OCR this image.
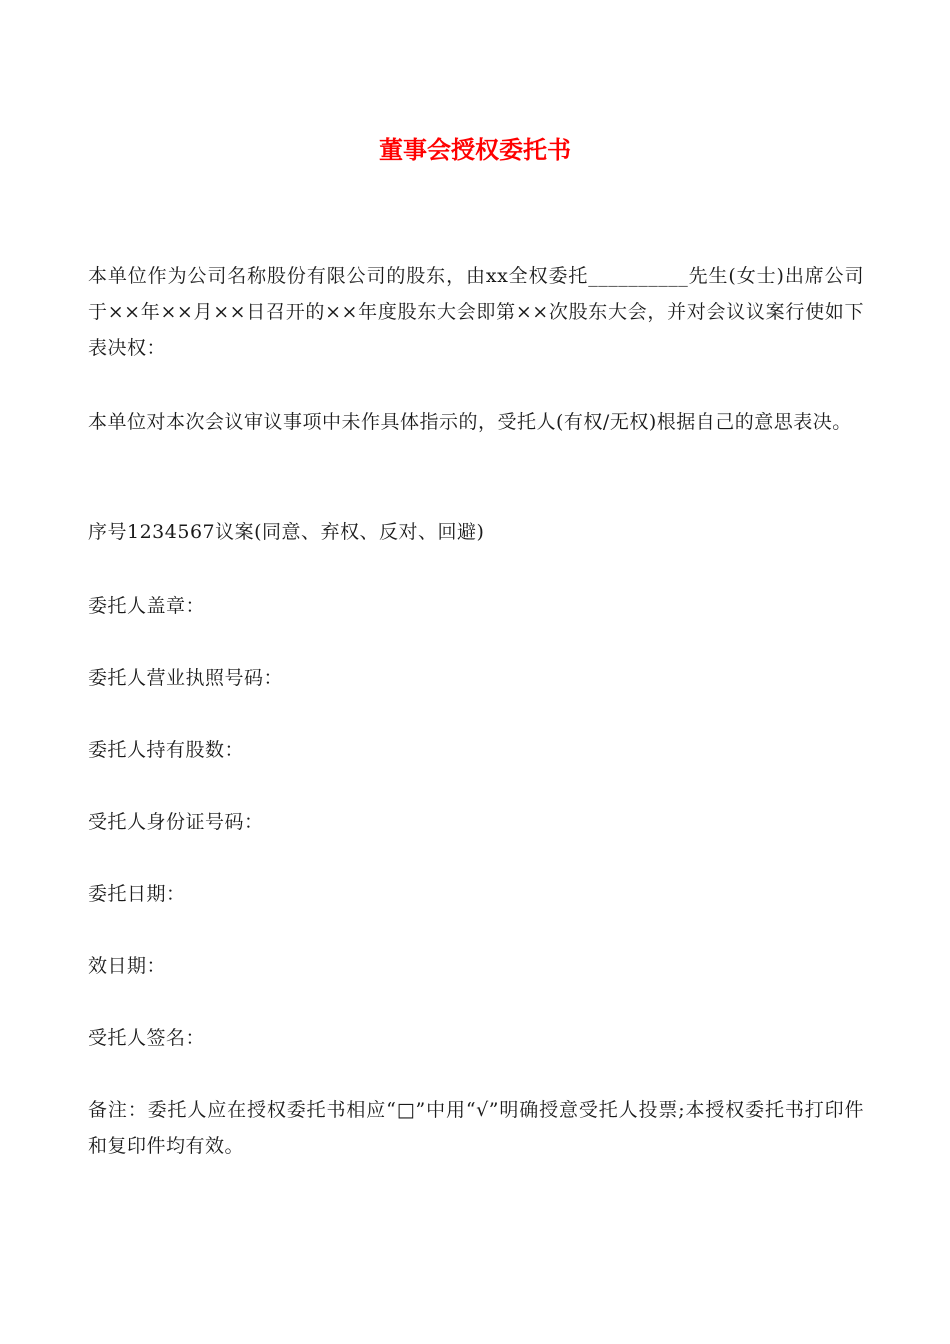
董事会授权委托书

本单位作为公司名称股份有限公司的股东，由xx全权委托__________先生(女士)出席公司于××年××月××日召开的××年度股东大会即第××次股东大会，并对会议议案行使如下表决权：

本单位对本次会议审议事项中未作具体指示的，受托人(有权/无权)根据自己的意思表决。

序号1234567议案(同意、弃权、反对、回避)

委托人盖章：

委托人营业执照号码：

委托人持有股数：

受托人身份证号码：

委托日期：

效日期：

受托人签名：

备注：委托人应在授权委托书相应“□”中用“√”明确授意受托人投票;本授权委托书打印件和复印件均有效。
